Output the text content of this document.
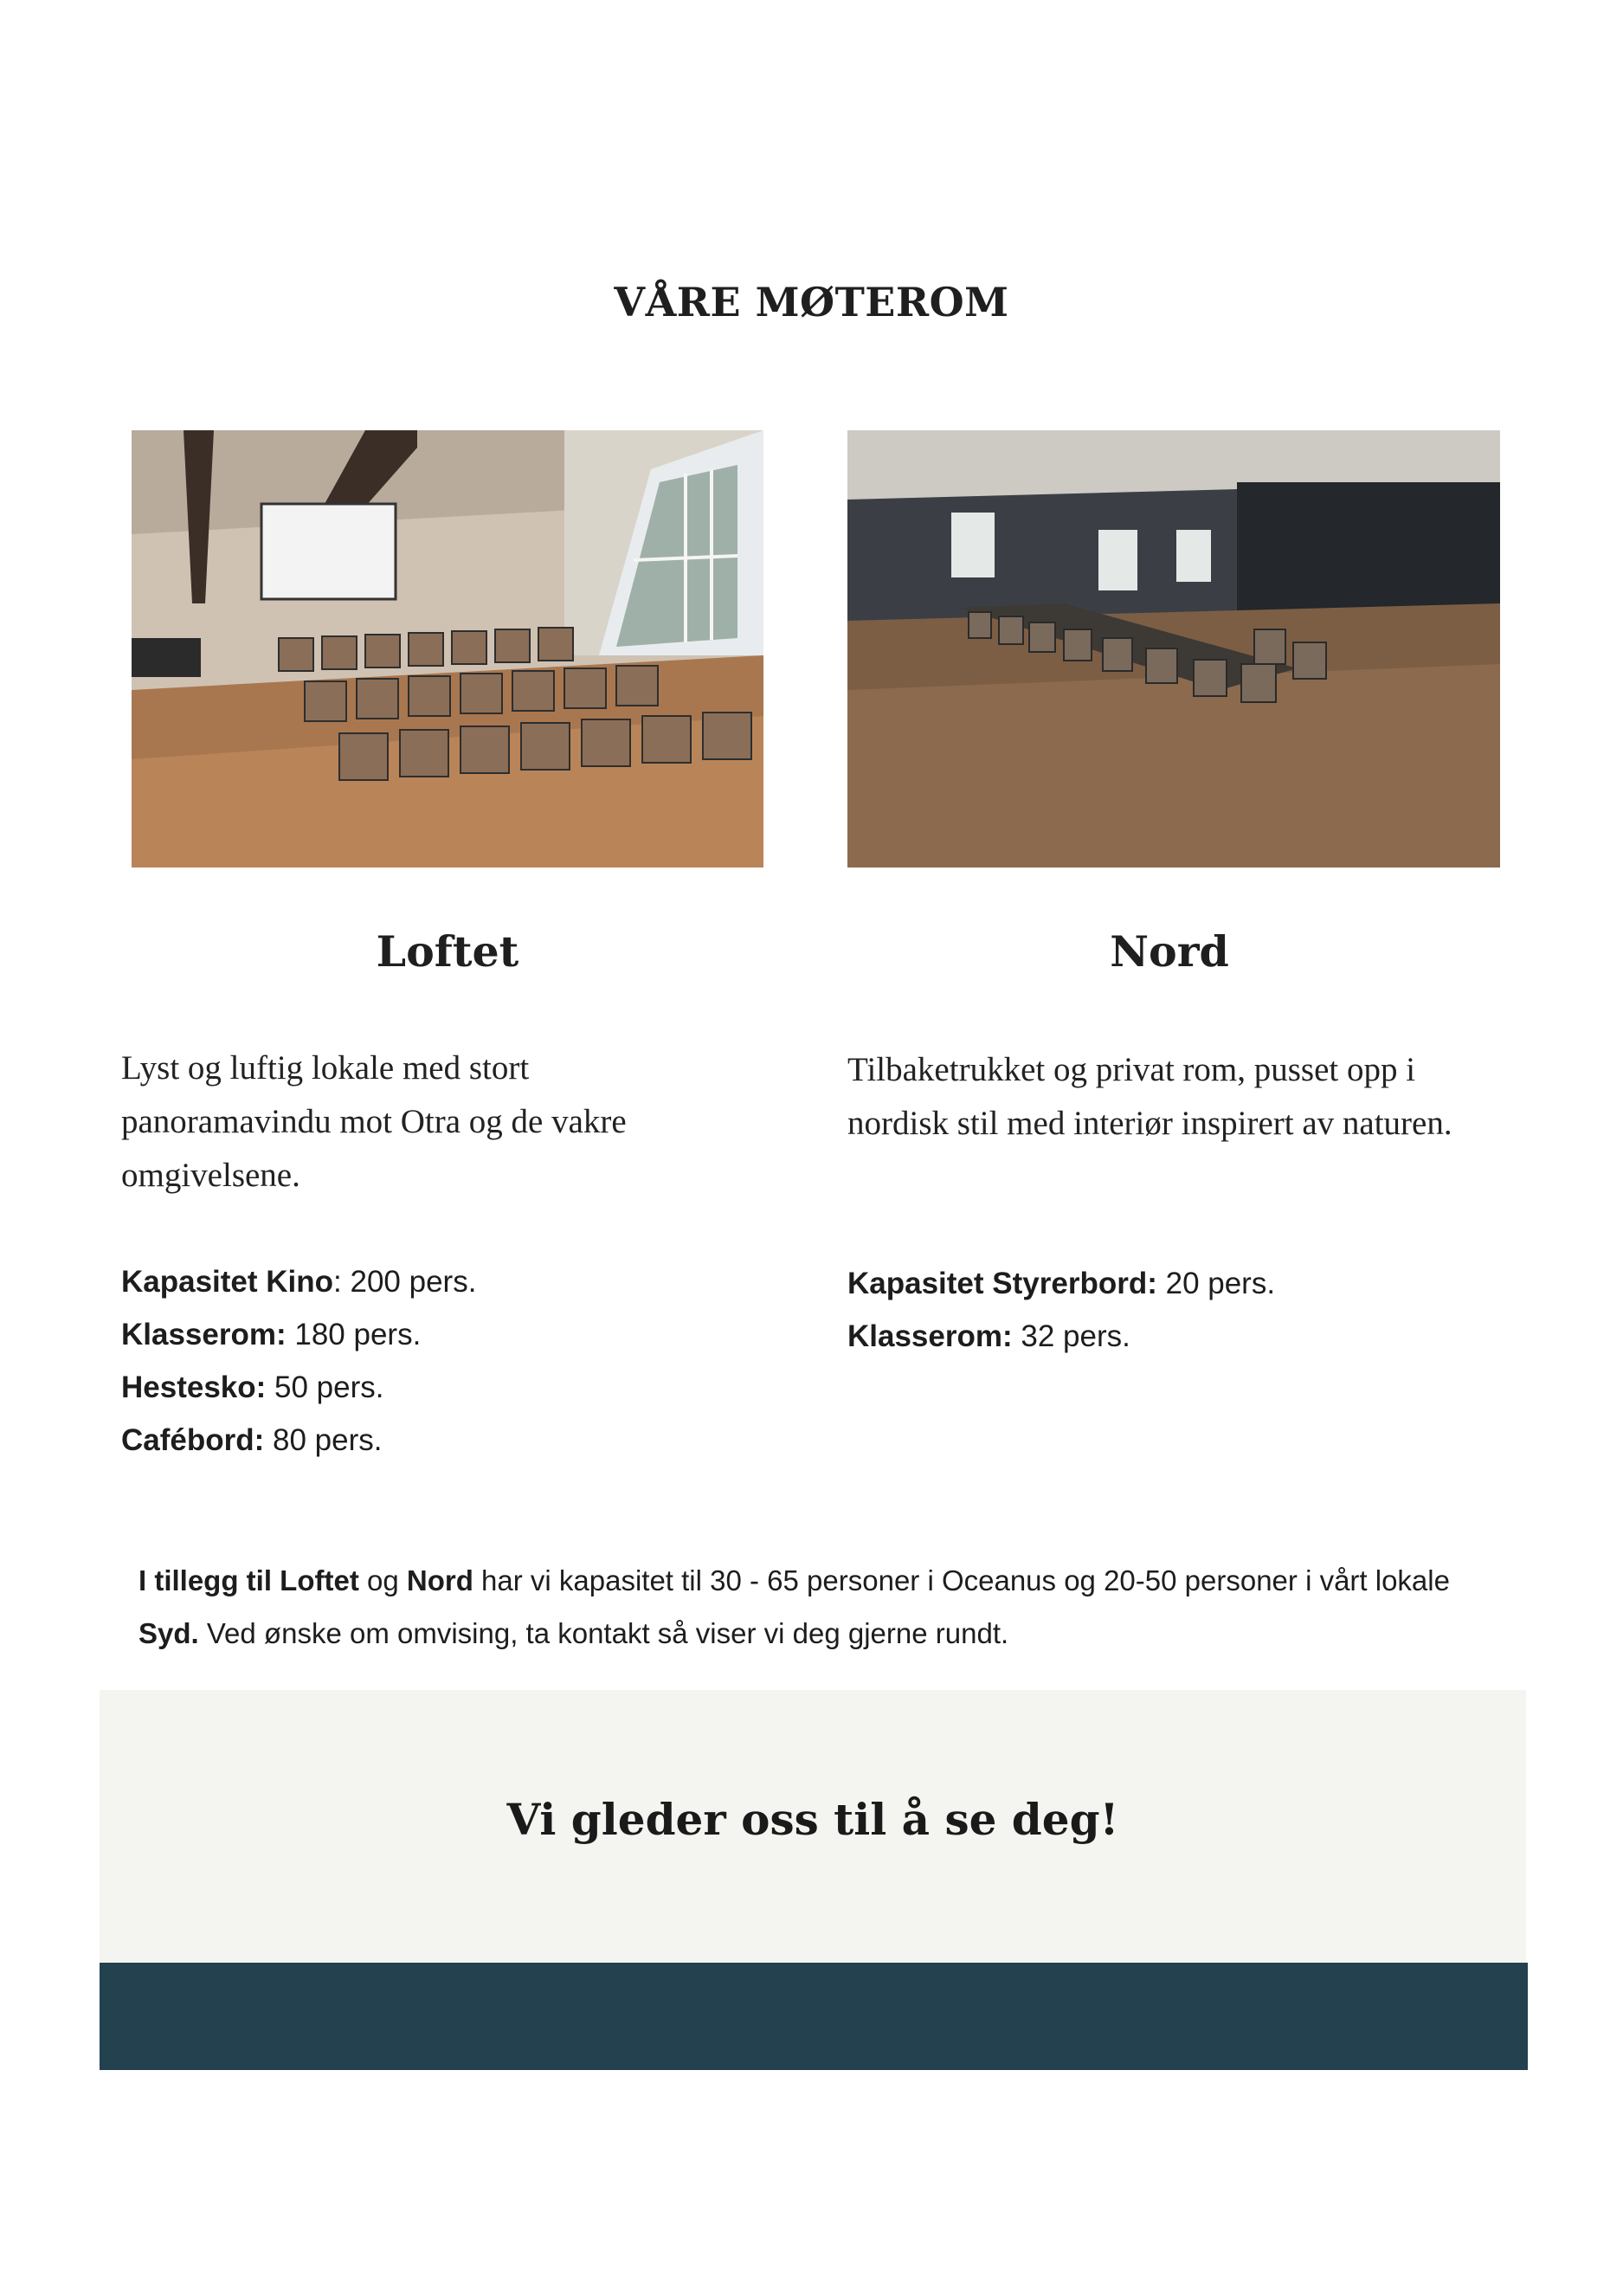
VÅRE MØTEROM
Loftet	Nord
Lyst og luftig lokale med stort panoramavindu mot Otra og de vakre omgivelsene.
Tilbaketrukket og privat rom, pusset opp i nordisk stil med interiør inspirert av naturen.
Kapasitet Kino: 200 pers.
Klasserom: 180 pers.
Hestesko: 50 pers.
Cafébord: 80 pers.
Kapasitet Styrerbord: 20 pers.
Klasserom: 32 pers.
I tillegg til Loftet og Nord har vi kapasitet til 30 - 65 personer i Oceanus og 20-50 personer i vårt lokale Syd. Ved ønske om omvising, ta kontakt så viser vi deg gjerne rundt.
Vi gleder oss til å se deg!
